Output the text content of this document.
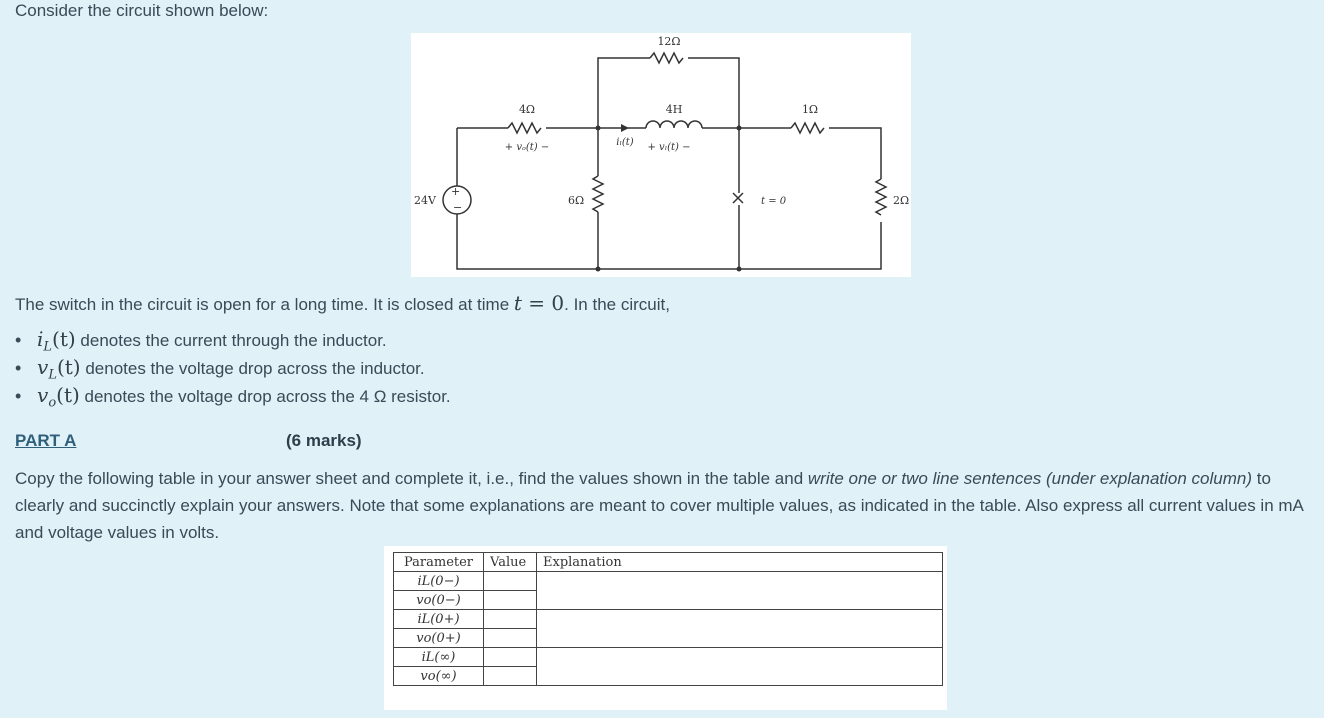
Consider the circuit shown below:
+
−
12Ω
4Ω	4H	1Ω
+ vₒ(t) −	iₗ(t) + vₗ(t) −
24V	6Ω	t = 0	2Ω
The switch in the circuit is open for a long time. It is closed at time t = 0. In the circuit,
• $i_L(t)$ denotes the current through the inductor.
• $v_L(t)$ denotes the voltage drop across the inductor.
• $v_o(t)$ denotes the voltage drop across the 4 Ω resistor.
PART A	(6 marks)
Copy the following table in your answer sheet and complete it, i.e., find the values shown in the table and write one or two line sentences (under explanation column) to clearly and succinctly explain your answers. Note that some explanations are meant to cover multiple values, as indicated in the table. Also express all current values in mA and voltage values in volts.
Parameter	Value	Explanation
iL(0−)		
vo(0−)		
iL(0+)		
vo(0+)		
iL(∞)		
vo(∞)		
